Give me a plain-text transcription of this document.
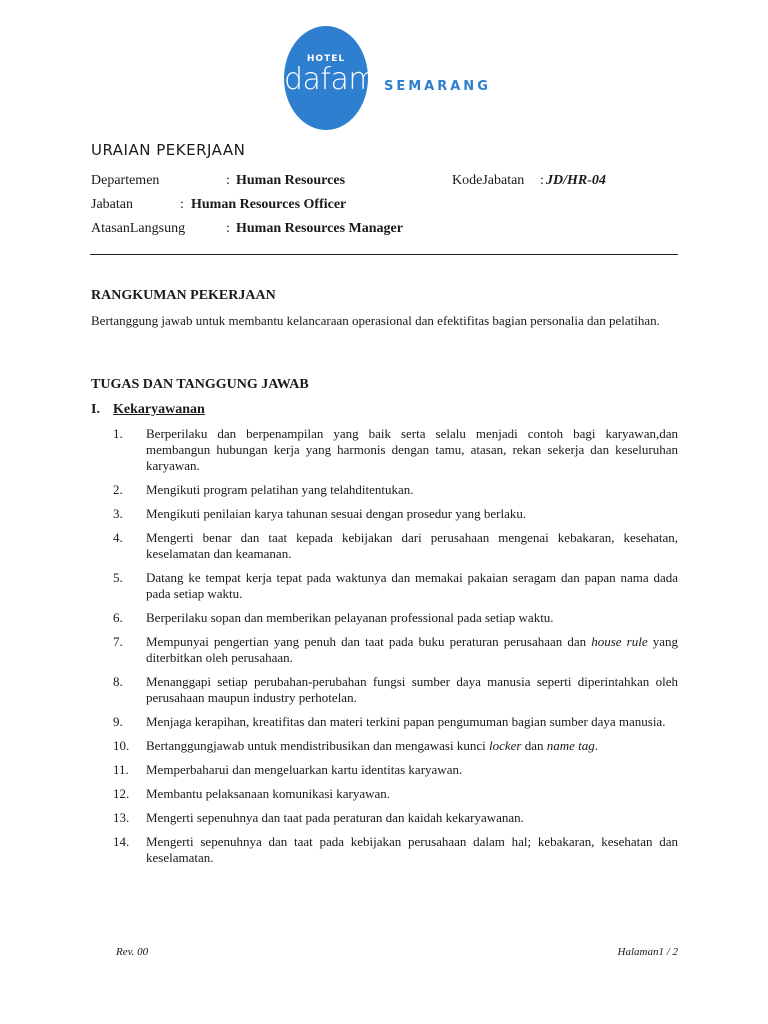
HOTEL
dafam SEMARANG
URAIAN PEKERJAAN
Departemen	: Human Resources	KodeJabatan : JD/HR-04
Jabatan	: Human Resources Officer
AtasanLangsung	: Human Resources Manager
RANGKUMAN PEKERJAAN
Bertanggung jawab untuk membantu kelancaraan operasional dan efektifitas bagian personalia dan pelatihan.
TUGAS DAN TANGGUNG JAWAB
I. Kekaryawanan
1. Berperilaku dan berpenampilan yang baik serta selalu menjadi contoh bagi karyawan,dan membangun hubungan kerja yang harmonis dengan tamu, atasan, rekan sekerja dan keseluruhan karyawan.
2. Mengikuti program pelatihan yang telahditentukan.
3. Mengikuti penilaian karya tahunan sesuai dengan prosedur yang berlaku.
4. Mengerti benar dan taat kepada kebijakan dari perusahaan mengenai kebakaran, kesehatan, keselamatan dan keamanan.
5. Datang ke tempat kerja tepat pada waktunya dan memakai pakaian seragam dan papan nama dada pada setiap waktu.
6. Berperilaku sopan dan memberikan pelayanan professional pada setiap waktu.
7. Mempunyai pengertian yang penuh dan taat pada buku peraturan perusahaan dan house rule yang diterbitkan oleh perusahaan.
8. Menanggapi setiap perubahan-perubahan fungsi sumber daya manusia seperti diperintahkan oleh perusahaan maupun industry perhotelan.
9. Menjaga kerapihan, kreatifitas dan materi terkini papan pengumuman bagian sumber daya manusia.
10. Bertanggungjawab untuk mendistribusikan dan mengawasi kunci locker dan name tag.
11. Memperbaharui dan mengeluarkan kartu identitas karyawan.
12. Membantu pelaksanaan komunikasi karyawan.
13. Mengerti sepenuhnya dan taat pada peraturan dan kaidah kekaryawanan.
14. Mengerti sepenuhnya dan taat pada kebijakan perusahaan dalam hal; kebakaran, kesehatan dan keselamatan.
Rev. 00	Halaman1 / 2
